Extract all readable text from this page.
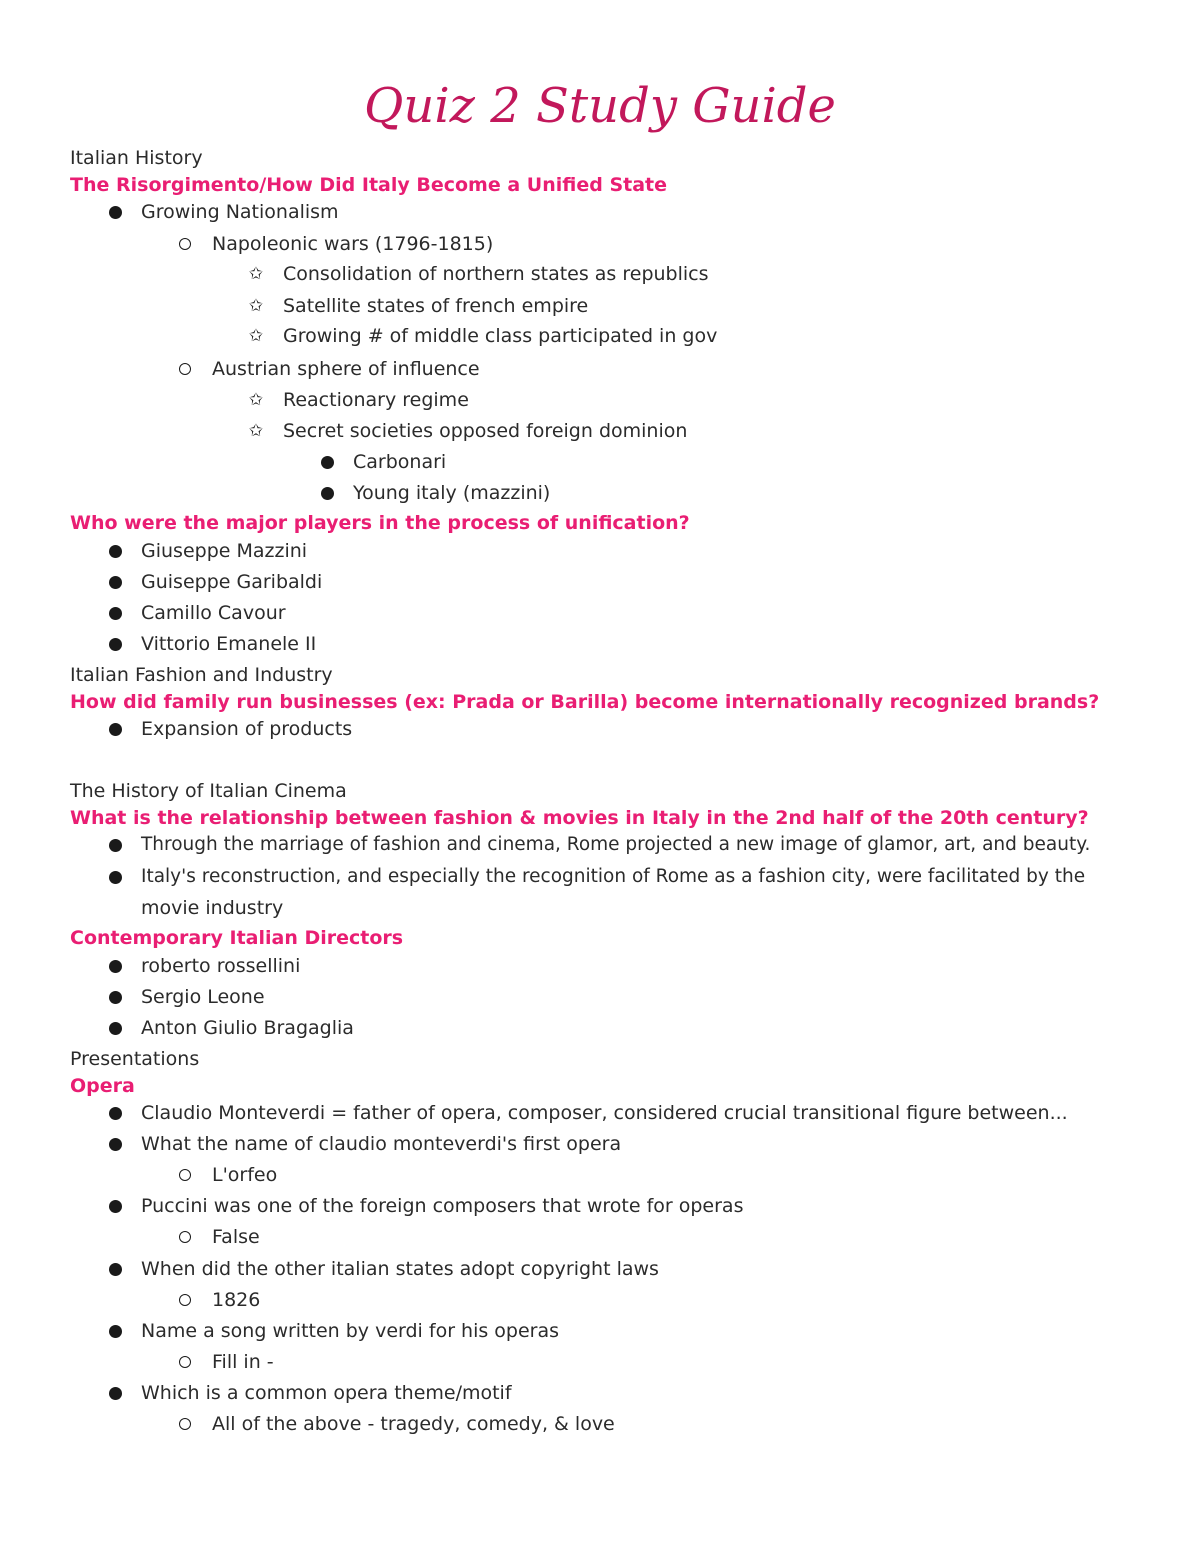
Quiz 2 Study Guide
Italian History
The Risorgimento/How Did Italy Become a Unified State
Growing Nationalism
Napoleonic wars (1796-1815)
✩ Consolidation of northern states as republics
✩ Satellite states of french empire
✩ Growing # of middle class participated in gov
Austrian sphere of influence
✩ Reactionary regime
✩ Secret societies opposed foreign dominion
Carbonari
Young italy (mazzini)
Who were the major players in the process of unification?
Giuseppe Mazzini
Guiseppe Garibaldi
Camillo Cavour
Vittorio Emanele II
Italian Fashion and Industry
How did family run businesses (ex: Prada or Barilla) become internationally recognized brands?
Expansion of products
The History of Italian Cinema
What is the relationship between fashion & movies in Italy in the 2nd half of the 20th century?
Through the marriage of fashion and cinema, Rome projected a new image of glamor, art, and beauty.
Italy's reconstruction, and especially the recognition of Rome as a fashion city, were facilitated by the
movie industry
Contemporary Italian Directors
roberto rossellini
Sergio Leone
Anton Giulio Bragaglia
Presentations
Opera
Claudio Monteverdi = father of opera, composer, considered crucial transitional figure between...
What the name of claudio monteverdi's first opera
L'orfeo
Puccini was one of the foreign composers that wrote for operas
False
When did the other italian states adopt copyright laws
1826
Name a song written by verdi for his operas
Fill in -
Which is a common opera theme/motif
All of the above - tragedy, comedy, & love
